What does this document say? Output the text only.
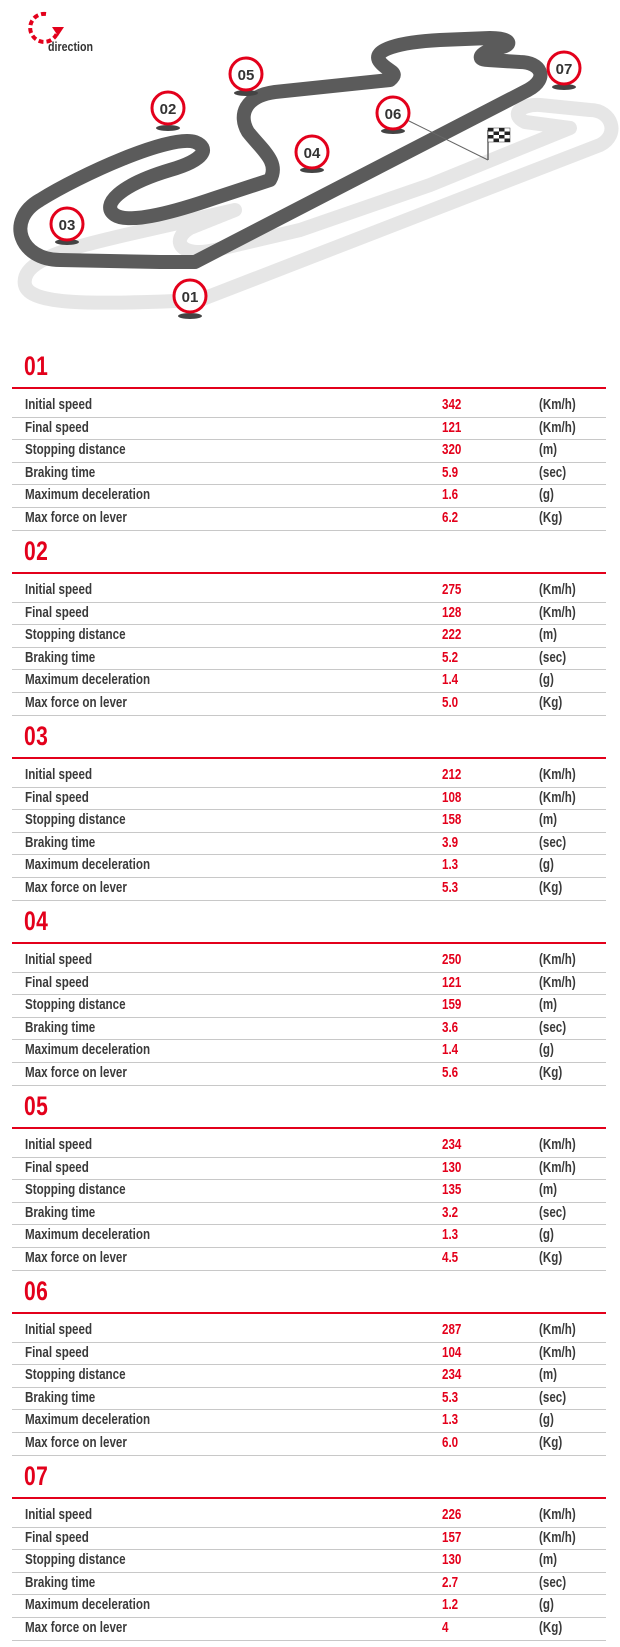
01
02
03
04
05
06
07
direction
01
Initial speed	342	(Km/h)
Final speed	121	(Km/h)
Stopping distance	320	(m)
Braking time	5.9	(sec)
Maximum deceleration	1.6	(g)
Max force on lever	6.2	(Kg)
02
Initial speed	275	(Km/h)
Final speed	128	(Km/h)
Stopping distance	222	(m)
Braking time	5.2	(sec)
Maximum deceleration	1.4	(g)
Max force on lever	5.0	(Kg)
03
Initial speed	212	(Km/h)
Final speed	108	(Km/h)
Stopping distance	158	(m)
Braking time	3.9	(sec)
Maximum deceleration	1.3	(g)
Max force on lever	5.3	(Kg)
04
Initial speed	250	(Km/h)
Final speed	121	(Km/h)
Stopping distance	159	(m)
Braking time	3.6	(sec)
Maximum deceleration	1.4	(g)
Max force on lever	5.6	(Kg)
05
Initial speed	234	(Km/h)
Final speed	130	(Km/h)
Stopping distance	135	(m)
Braking time	3.2	(sec)
Maximum deceleration	1.3	(g)
Max force on lever	4.5	(Kg)
06
Initial speed	287	(Km/h)
Final speed	104	(Km/h)
Stopping distance	234	(m)
Braking time	5.3	(sec)
Maximum deceleration	1.3	(g)
Max force on lever	6.0	(Kg)
07
Initial speed	226	(Km/h)
Final speed	157	(Km/h)
Stopping distance	130	(m)
Braking time	2.7	(sec)
Maximum deceleration	1.2	(g)
Max force on lever	4	(Kg)
